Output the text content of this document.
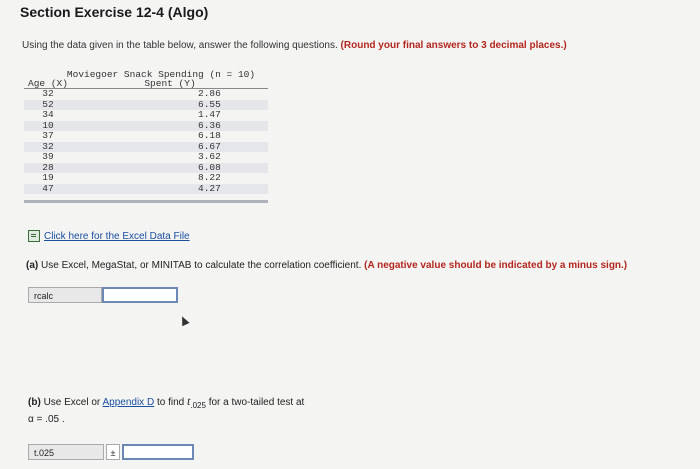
Section Exercise 12-4 (Algo)
Using the data given in the table below, answer the following questions. (Round your final answers to 3 decimal places.)
Moviegoer Snack Spending (n = 10)
Age (X)	Spent (Y)
32	2.86
52	6.55
34	1.47
10	6.36
37	6.18
32	6.67
39	3.62
28	6.08
19	8.22
47	4.27
Click here for the Excel Data File
(a) Use Excel, MegaStat, or MINITAB to calculate the correlation coefficient. (A negative value should be indicated by a minus sign.)
rcalc
(b) Use Excel or Appendix D to find $t_{.025}$ for a two-tailed test at
α = .05 .
t.025	±
